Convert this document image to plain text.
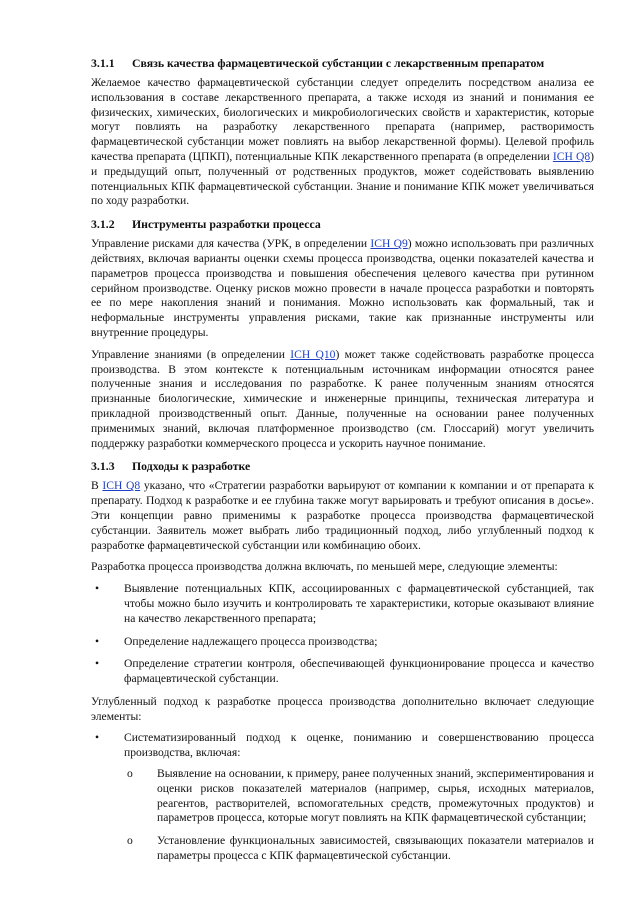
3.1.1	Связь качества фармацевтической субстанции с лекарственным препаратом

Желаемое качество фармацевтической субстанции следует определить посредством анализа ее использования в составе лекарственного препарата, а также исходя из знаний и понимания ее физических, химических, биологических и микробиологических свойств и характеристик, которые могут повлиять на разработку лекарственного препарата (например, растворимость фармацевтической субстанции может повлиять на выбор лекарственной формы). Целевой профиль качества препарата (ЦПКП), потенциальные КПК лекарственного препарата (в определении ICH Q8) и предыдущий опыт, полученный от родственных продуктов, может содействовать выявлению потенциальных КПК фармацевтической субстанции. Знание и понимание КПК может увеличиваться по ходу разработки.

3.1.2	Инструменты разработки процесса

Управление рисками для качества (УРК, в определении ICH Q9) можно использовать при различных действиях, включая варианты оценки схемы процесса производства, оценки показателей качества и параметров процесса производства и повышения обеспечения целевого качества при рутинном серийном производстве. Оценку рисков можно провести в начале процесса разработки и повторять ее по мере накопления знаний и понимания. Можно использовать как формальный, так и неформальные инструменты управления рисками, такие как признанные инструменты или внутренние процедуры.

Управление знаниями (в определении ICH Q10) может также содействовать разработке процесса производства. В этом контексте к потенциальным источникам информации относятся ранее полученные знания и исследования по разработке. К ранее полученным знаниям относятся признанные биологические, химические и инженерные принципы, техническая литература и прикладной производственный опыт. Данные, полученные на основании ранее полученных применимых знаний, включая платформенное производство (см. Глоссарий) могут увеличить поддержку разработки коммерческого процесса и ускорить научное понимание.

3.1.3	Подходы к разработке

В ICH Q8 указано, что «Стратегии разработки варьируют от компании к компании и от препарата к препарату. Подход к разработке и ее глубина также могут варьировать и требуют описания в досье». Эти концепции равно применимы к разработке процесса производства фармацевтической субстанции. Заявитель может выбрать либо традиционный подход, либо углубленный подход к разработке фармацевтической субстанции или комбинацию обоих.

Разработка процесса производства должна включать, по меньшей мере, следующие элементы:

• Выявление потенциальных КПК, ассоциированных с фармацевтической субстанцией, так чтобы можно было изучить и контролировать те характеристики, которые оказывают влияние на качество лекарственного препарата;
• Определение надлежащего процесса производства;
• Определение стратегии контроля, обеспечивающей функционирование процесса и качество фармацевтической субстанции.

Углубленный подход к разработке процесса производства дополнительно включает следующие элементы:

• Систематизированный подход к оценке, пониманию и совершенствованию процесса производства, включая:
o Выявление на основании, к примеру, ранее полученных знаний, экспериментирования и оценки рисков показателей материалов (например, сырья, исходных материалов, реагентов, растворителей, вспомогательных средств, промежуточных продуктов) и параметров процесса, которые могут повлиять на КПК фармацевтической субстанции;
o Установление функциональных зависимостей, связывающих показатели материалов и параметры процесса с КПК фармацевтической субстанции.
